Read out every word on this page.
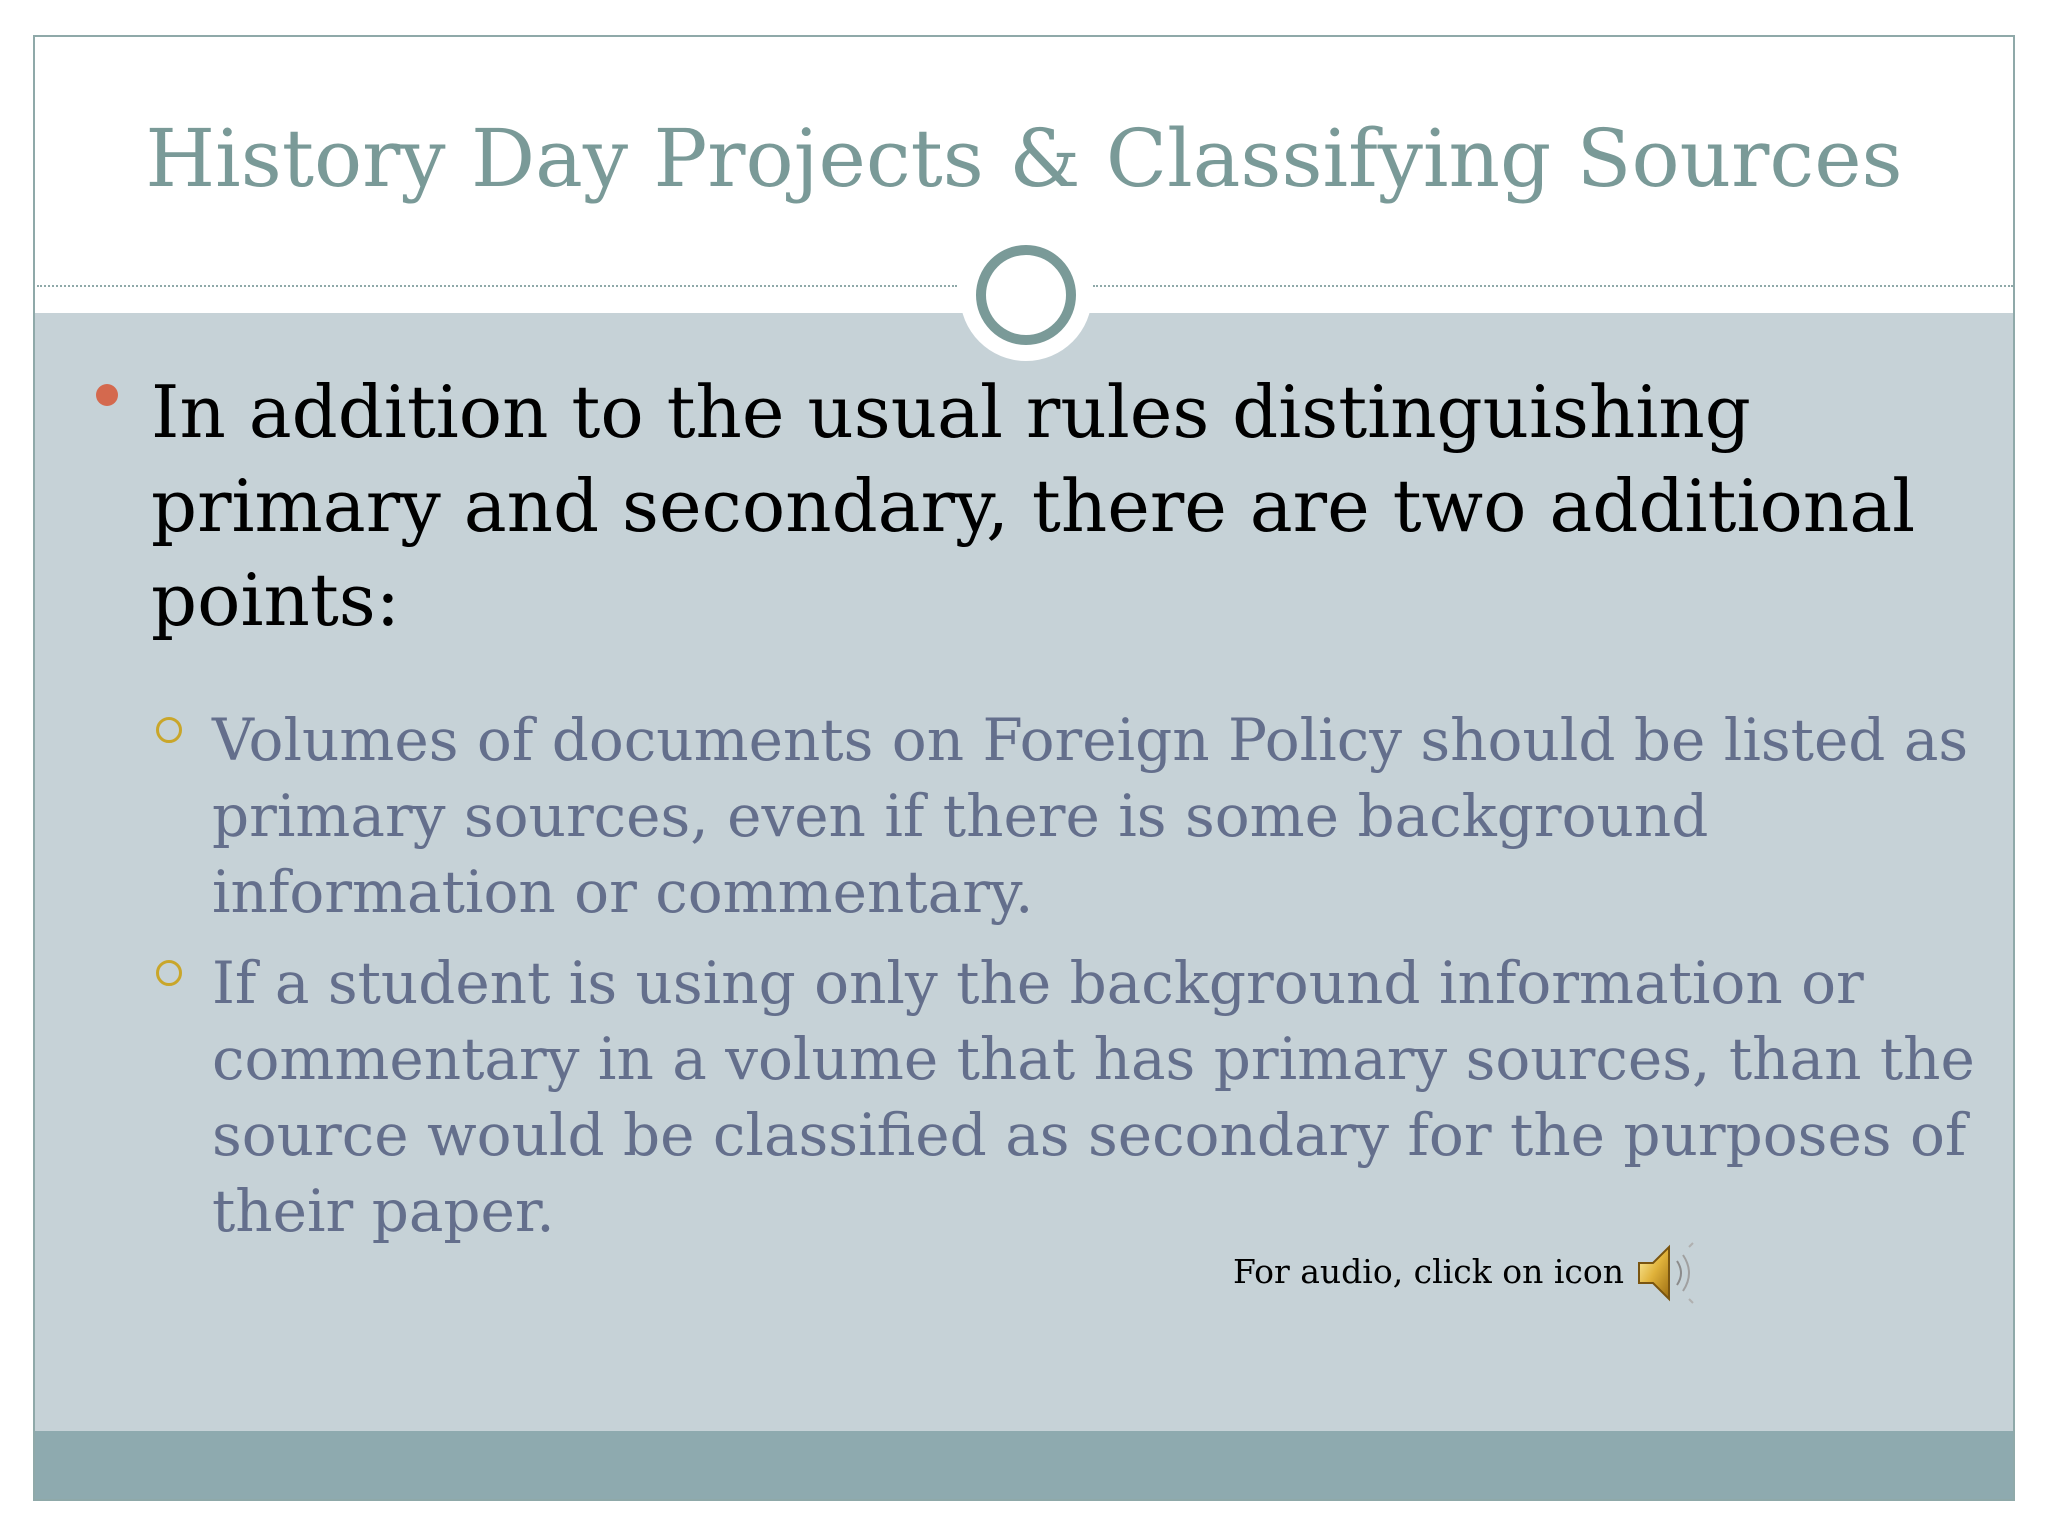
History Day Projects & Classifying Sources
In addition to the usual rules distinguishing primary and secondary, there are two additional points:
Volumes of documents on Foreign Policy should be listed as primary sources, even if there is some background information or commentary.
If a student is using only the background information or commentary in a volume that has primary sources, than the source would be classified as secondary for the purposes of their paper.
For audio, click on icon
